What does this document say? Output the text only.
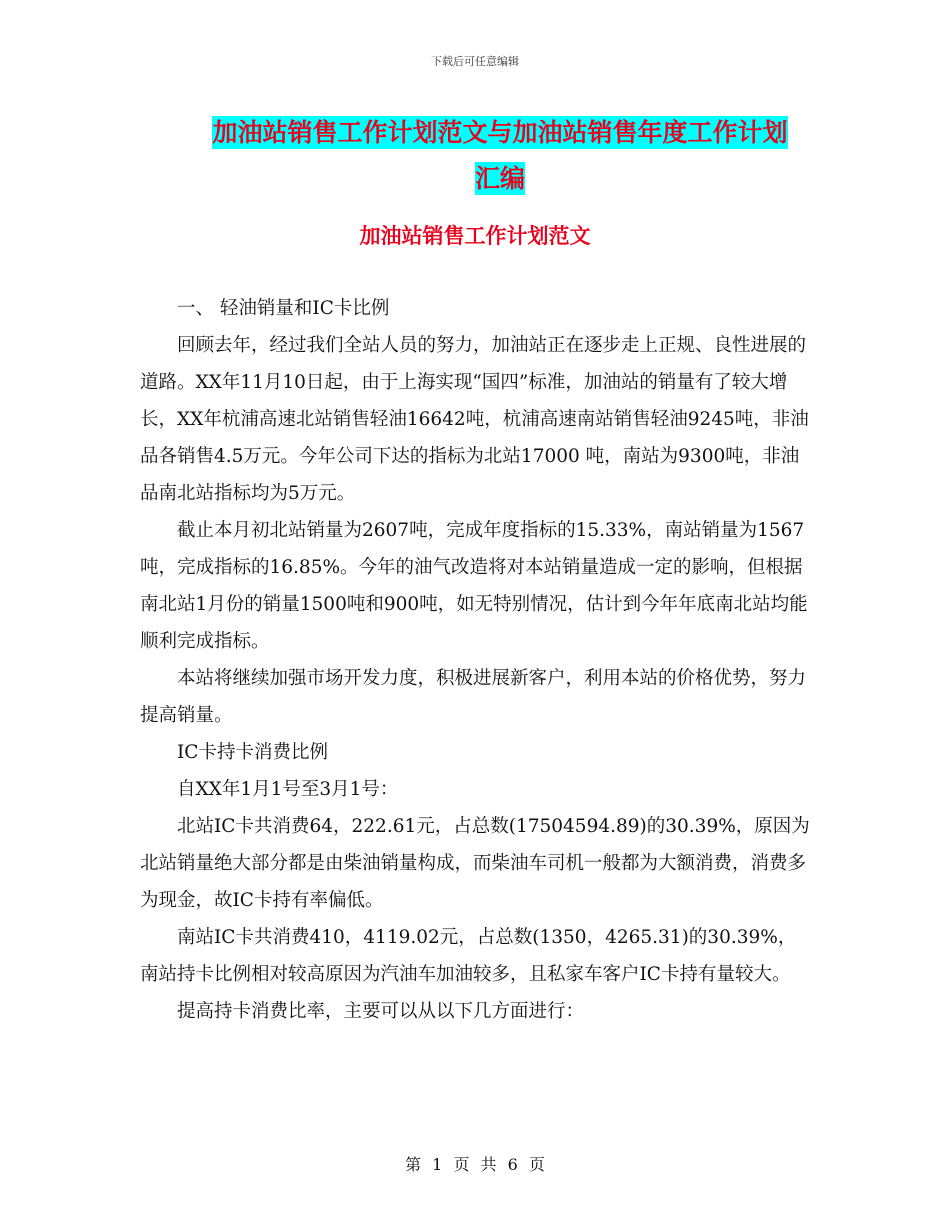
下载后可任意编辑
加油站销售工作计划范文与加油站销售年度工作计划
汇编
加油站销售工作计划范文

一、 轻油销量和IC卡比例

回顾去年，经过我们全站人员的努力，加油站正在逐步走上正规、良性进展的道路。XX年11月10日起，由于上海实现“国四”标准，加油站的销量有了较大增长，XX年杭浦高速北站销售轻油16642吨，杭浦高速南站销售轻油9245吨，非油品各销售4.5万元。今年公司下达的指标为北站17000 吨，南站为9300吨，非油品南北站指标均为5万元。

截止本月初北站销量为2607吨，完成年度指标的15.33%，南站销量为1567吨，完成指标的16.85%。今年的油气改造将对本站销量造成一定的影响，但根据南北站1月份的销量1500吨和900吨，如无特别情况，估计到今年年底南北站均能顺利完成指标。

本站将继续加强市场开发力度，积极进展新客户，利用本站的价格优势，努力提高销量。

IC卡持卡消费比例

自XX年1月1号至3月1号：

北站IC卡共消费64，222.61元，占总数(17504594.89)的30.39%，原因为北站销量绝大部分都是由柴油销量构成，而柴油车司机一般都为大额消费，消费多为现金，故IC卡持有率偏低。

南站IC卡共消费410，4119.02元，占总数(1350，4265.31)的30.39%，南站持卡比例相对较高原因为汽油车加油较多，且私家车客户IC卡持有量较大。

提高持卡消费比率，主要可以从以下几方面进行：

第 1 页 共 6 页
